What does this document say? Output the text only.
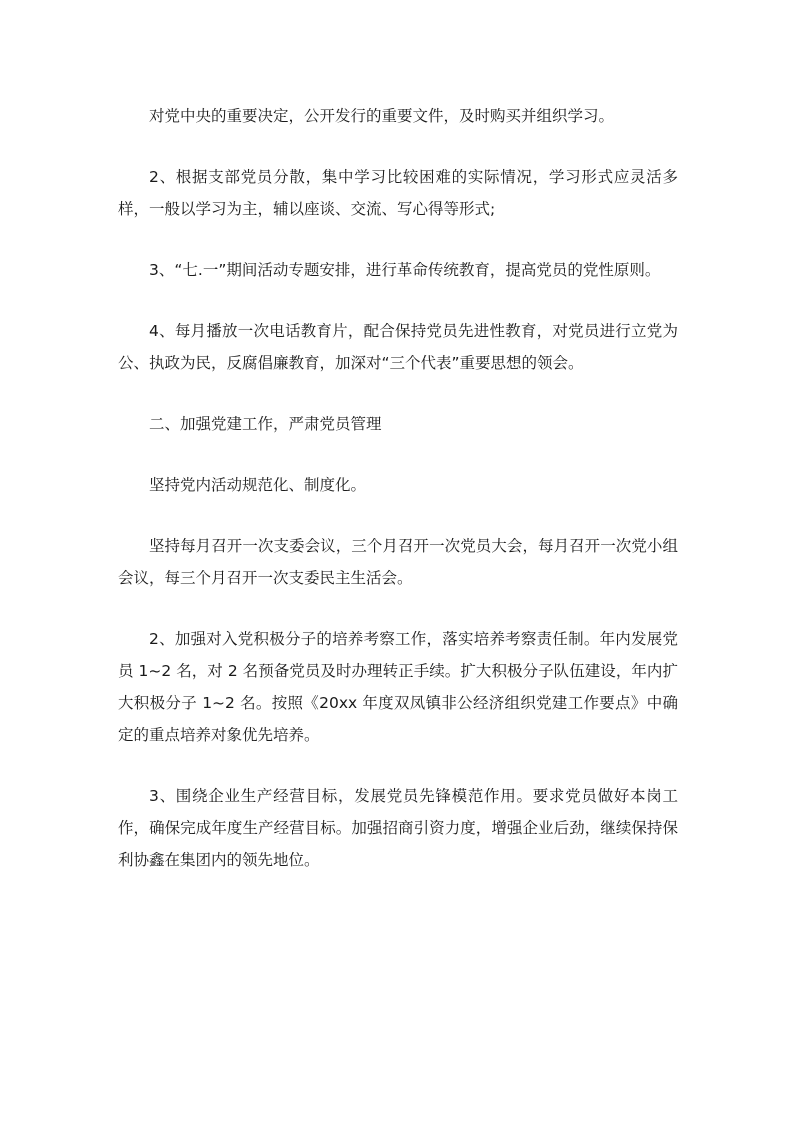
对党中央的重要决定，公开发行的重要文件，及时购买并组织学习。

2、根据支部党员分散，集中学习比较困难的实际情况，学习形式应灵活多样，一般以学习为主，辅以座谈、交流、写心得等形式;

3、“七.一”期间活动专题安排，进行革命传统教育，提高党员的党性原则。

4、每月播放一次电话教育片，配合保持党员先进性教育，对党员进行立党为公、执政为民，反腐倡廉教育，加深对“三个代表”重要思想的领会。

二、加强党建工作，严肃党员管理

坚持党内活动规范化、制度化。

坚持每月召开一次支委会议，三个月召开一次党员大会，每月召开一次党小组会议，每三个月召开一次支委民主生活会。

2、加强对入党积极分子的培养考察工作，落实培养考察责任制。年内发展党员 1~2 名，对 2 名预备党员及时办理转正手续。扩大积极分子队伍建设，年内扩大积极分子 1~2 名。按照《20xx 年度双凤镇非公经济组织党建工作要点》中确定的重点培养对象优先培养。

3、围绕企业生产经营目标，发展党员先锋模范作用。要求党员做好本岗工作，确保完成年度生产经营目标。加强招商引资力度，增强企业后劲，继续保持保利协鑫在集团内的领先地位。
